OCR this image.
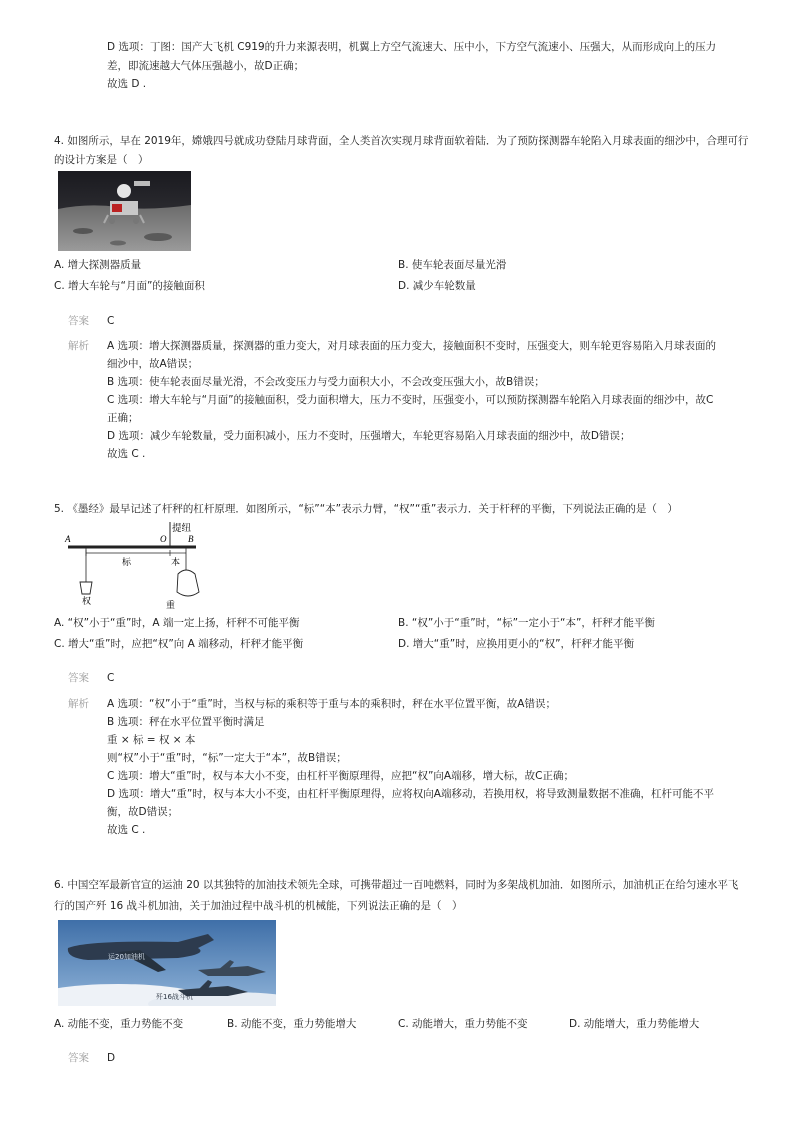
D 选项：丁图：国产大飞机 C919的升力来源表明，机翼上方空气流速大、压中小，下方空气流速小、压强大，从而形成向上的压力
差，即流速越大气体压强越小，故D正确；
故选 D .
4. 如图所示，早在 2019年，嫦娥四号就成功登陆月球背面，全人类首次实现月球背面软着陆．为了预防探测器车轮陷入月球表面的细沙中，合理可行
的设计方案是（　）
A. 增大探测器质量	B. 使车轮表面尽量光滑
C. 增大车轮与“月面”的接触面积	D. 减少车轮数量
答案 C
解析 A 选项：增大探测器质量，探测器的重力变大，对月球表面的压力变大，接触面积不变时，压强变大，则车轮更容易陷入月球表面的
细沙中，故A错误；
B 选项：使车轮表面尽量光滑，不会改变压力与受力面积大小，不会改变压强大小，故B错误；
C 选项：增大车轮与“月面”的接触面积，受力面积增大，压力不变时，压强变小，可以预防探测器车轮陷入月球表面的细沙中，故C
正确；
D 选项：减少车轮数量，受力面积减小，压力不变时，压强增大，车轮更容易陷入月球表面的细沙中，故D错误；
故选 C .
5. 《墨经》最早记述了杆秤的杠杆原理．如图所示，“标”“本”表示力臂，“权”“重”表示力．关于杆秤的平衡，下列说法正确的是（　）
A	O B
提纽
标	本
权	重
A. “权”小于“重”时，A 端一定上扬，杆秤不可能平衡	B. “权”小于“重”时，“标”一定小于“本”，杆秤才能平衡
C. 增大“重”时，应把“权”向 A 端移动，杆秤才能平衡	D. 增大“重”时，应换用更小的“权”，杆秤才能平衡
答案 C
解析 A 选项：“权”小于“重”时，当权与标的乘积等于重与本的乘积时，秤在水平位置平衡，故A错误；
B 选项：秤在水平位置平衡时满足
重 × 标 = 权 × 本
则“权”小于“重”时，“标”一定大于“本”，故B错误；
C 选项：增大“重”时，权与本大小不变，由杠杆平衡原理得，应把“权”向A端移，增大标，故C正确；
D 选项：增大“重”时，权与本大小不变，由杠杆平衡原理得，应将权向A端移动，若换用权，将导致测量数据不准确，杠杆可能不平
衡，故D错误；
故选 C .
6. 中国空军最新官宣的运油 20 以其独特的加油技术领先全球，可携带超过一百吨燃料，同时为多架战机加油．如图所示，加油机正在给匀速水平飞
行的国产歼 16 战斗机加油，关于加油过程中战斗机的机械能，下列说法正确的是（　）
运20加油机
歼16战斗机
A. 动能不变，重力势能不变	B. 动能不变，重力势能增大	C. 动能增大，重力势能不变	D. 动能增大，重力势能增大
答案 D
